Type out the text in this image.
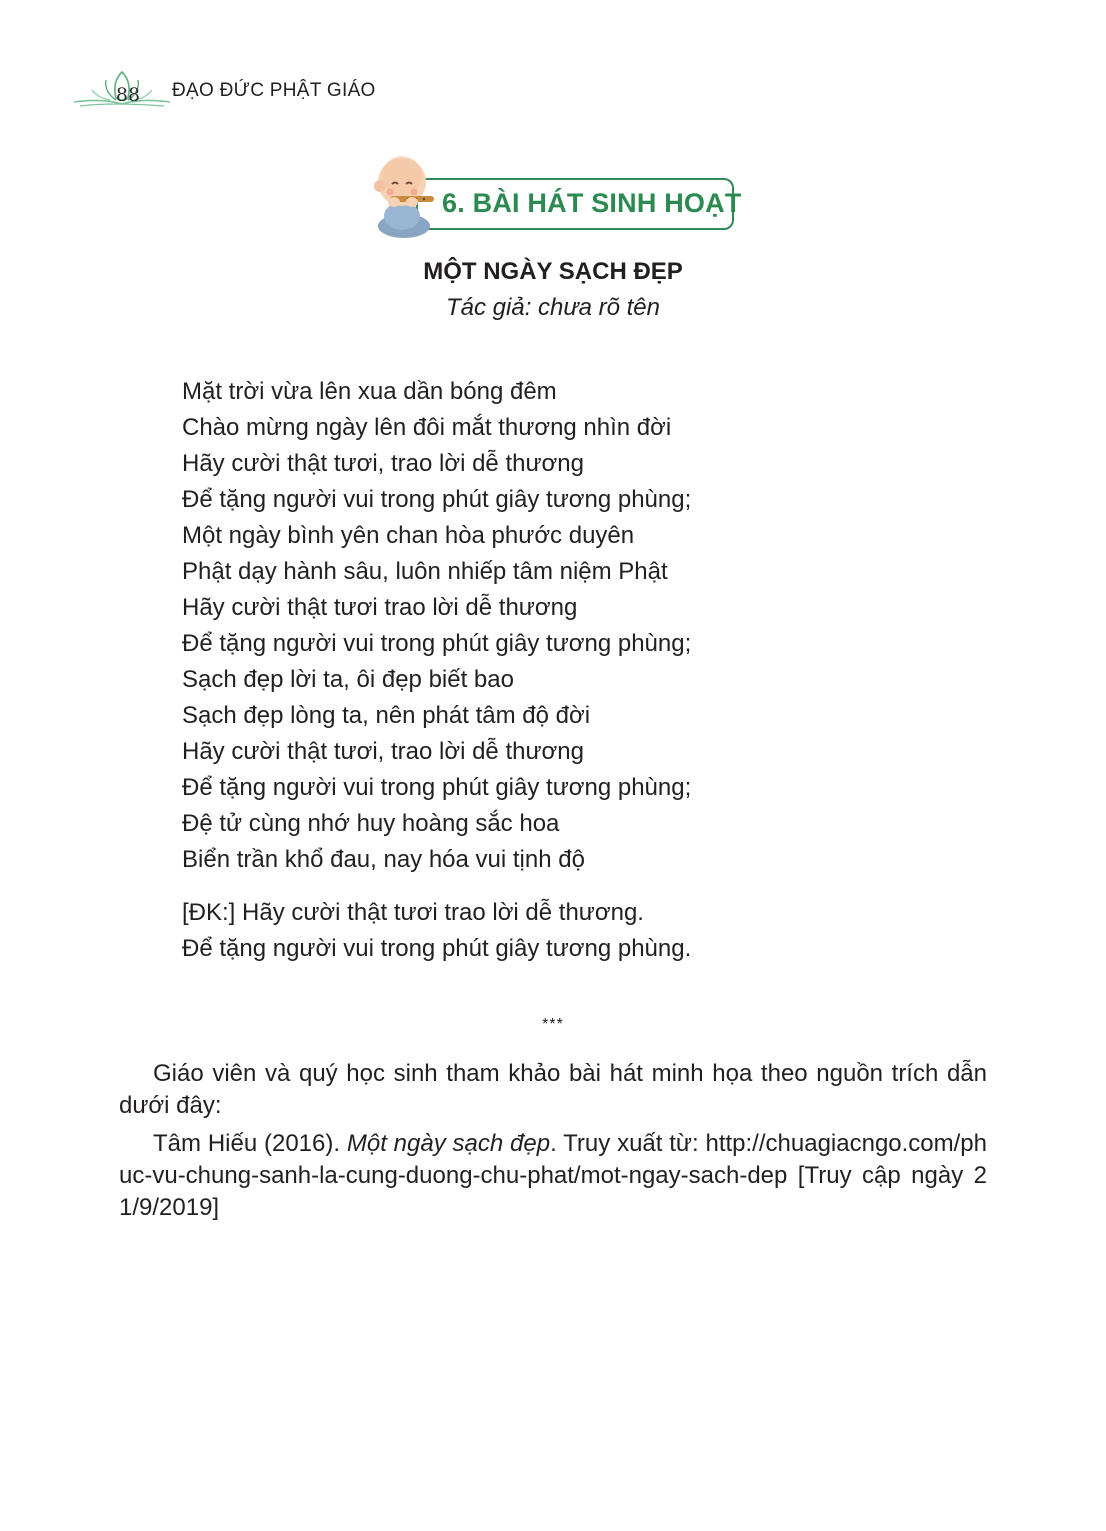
88	ĐẠO ĐỨC PHẬT GIÁO
6. BÀI HÁT SINH HOẠT
MỘT NGÀY SẠCH ĐẸP
Tác giả: chưa rõ tên
Mặt trời vừa lên xua dần bóng đêm
Chào mừng ngày lên đôi mắt thương nhìn đời
Hãy cười thật tươi, trao lời dễ thương
Để tặng người vui trong phút giây tương phùng;
Một ngày bình yên chan hòa phước duyên
Phật dạy hành sâu, luôn nhiếp tâm niệm Phật
Hãy cười thật tươi trao lời dễ thương
Để tặng người vui trong phút giây tương phùng;
Sạch đẹp lời ta, ôi đẹp biết bao
Sạch đẹp lòng ta, nên phát tâm độ đời
Hãy cười thật tươi, trao lời dễ thương
Để tặng người vui trong phút giây tương phùng;
Đệ tử cùng nhớ huy hoàng sắc hoa
Biển trần khổ đau, nay hóa vui tịnh độ
[ĐK:] Hãy cười thật tươi trao lời dễ thương.
Để tặng người vui trong phút giây tương phùng.
***
Giáo viên và quý học sinh tham khảo bài hát minh họa theo nguồn trích dẫn dưới đây:
Tâm Hiếu (2016). Một ngày sạch đẹp. Truy xuất từ: http://chuagiacngo.com/phuc-vu-chung-sanh-la-cung-duong-chu-phat/mot-ngay-sach-dep [Truy cập ngày 21/9/2019]
